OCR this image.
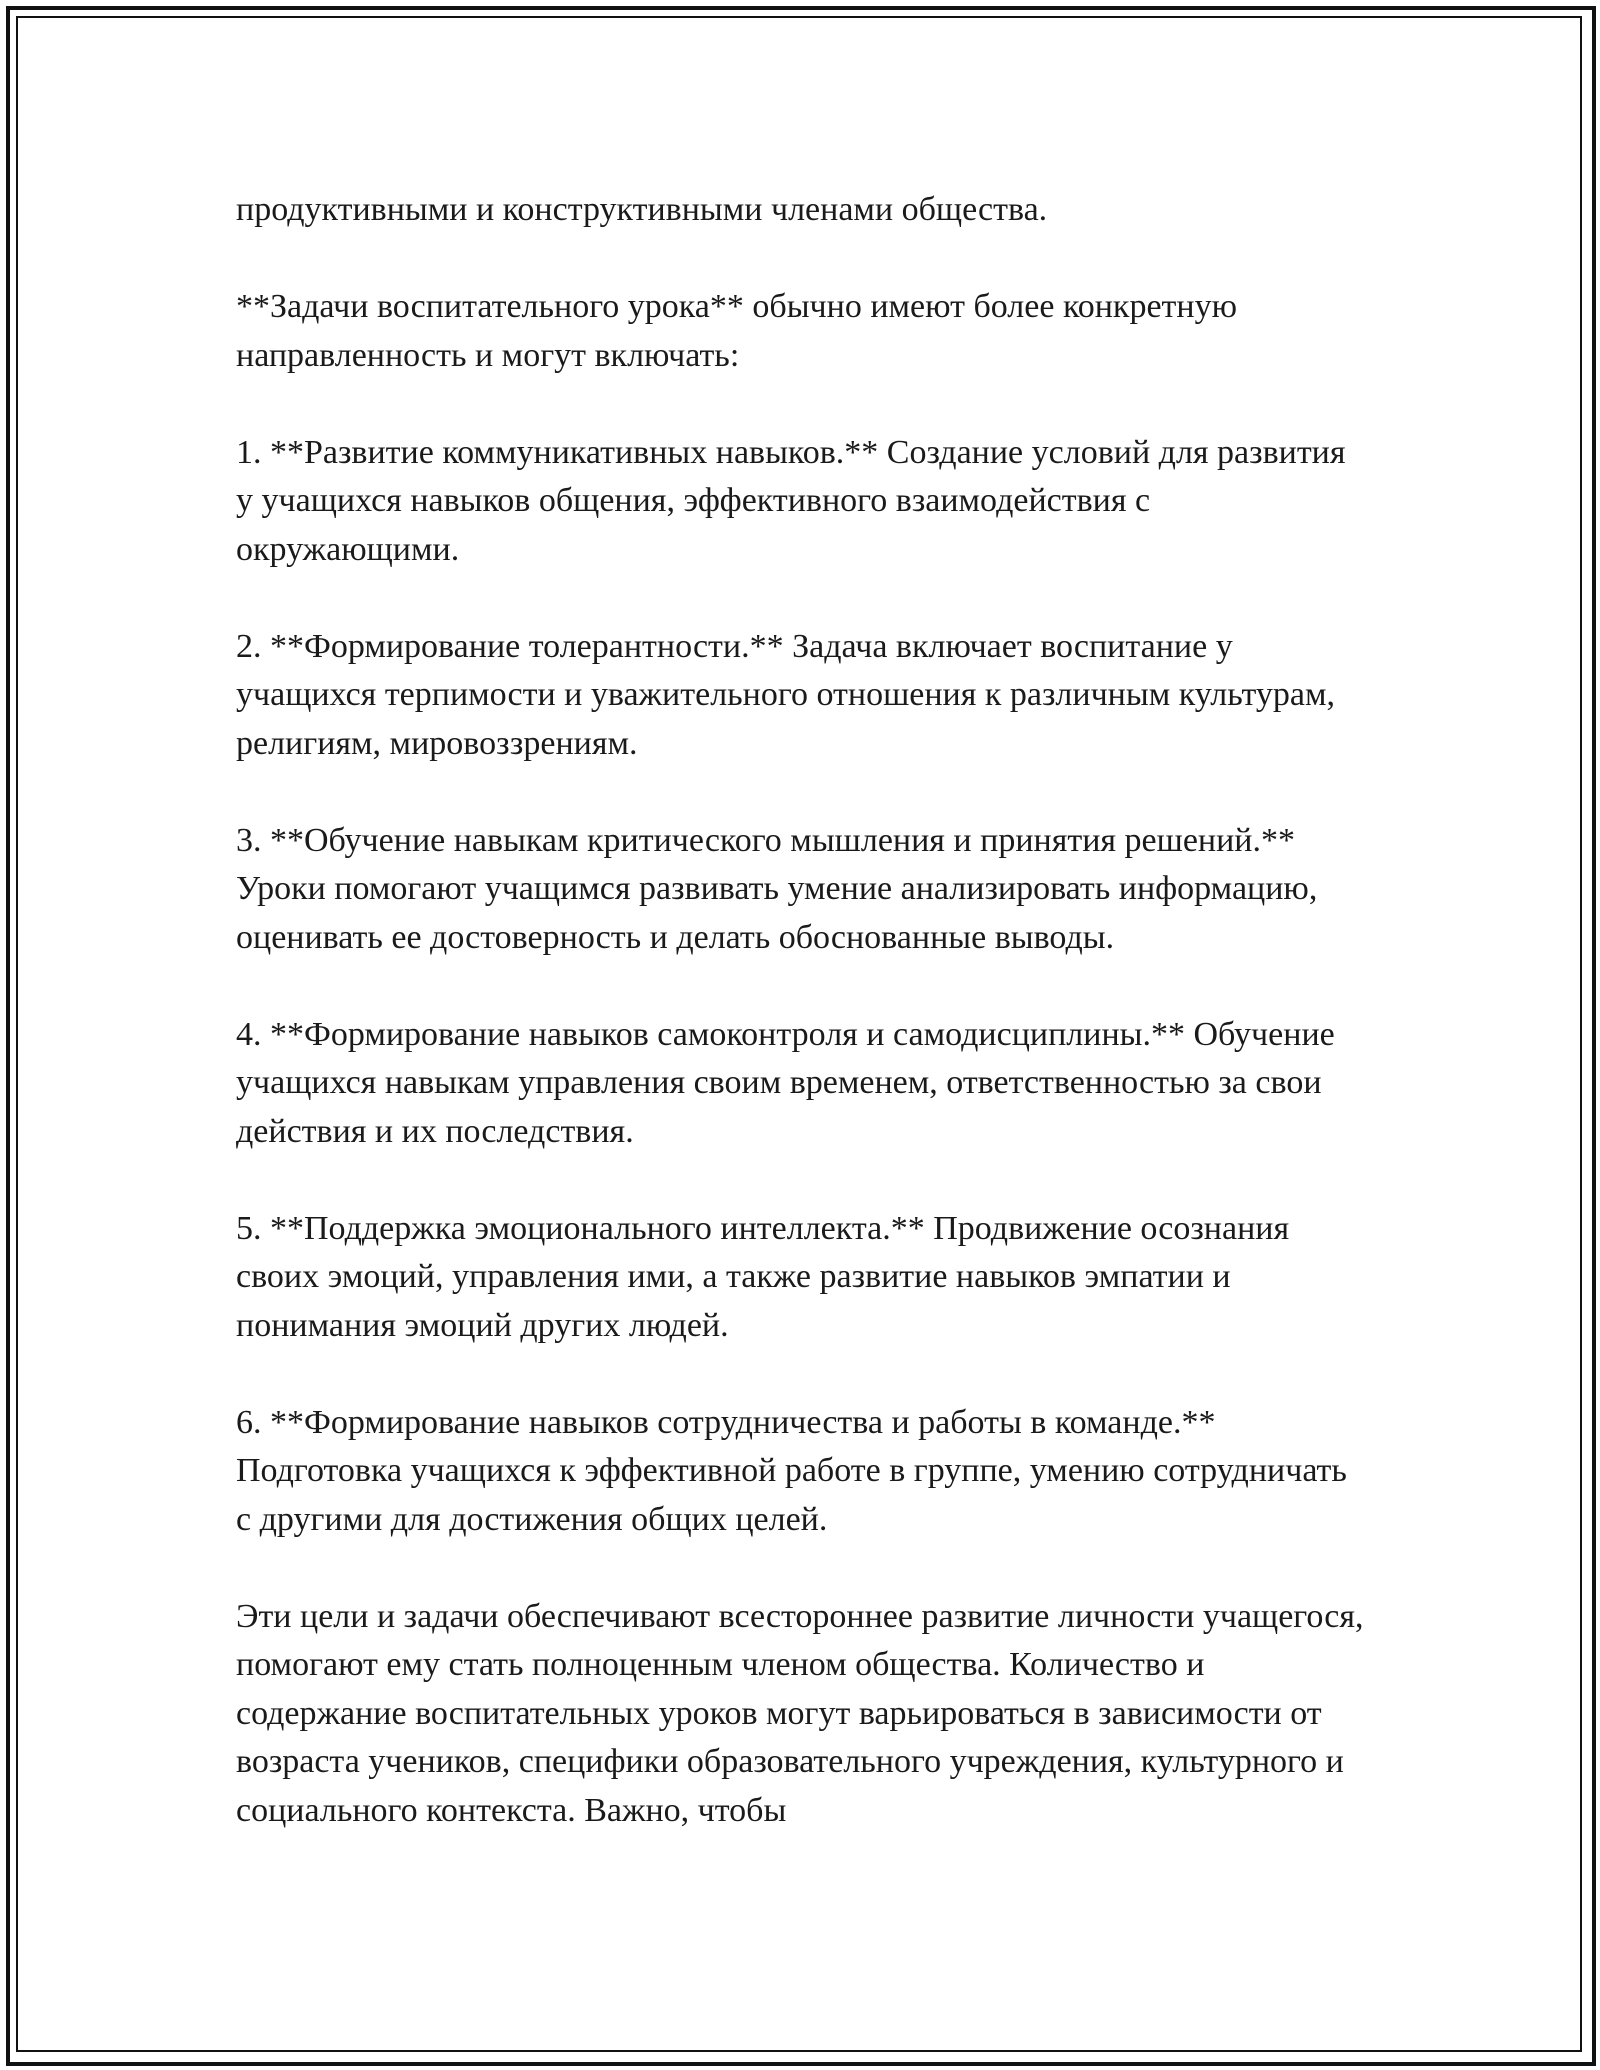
продуктивными и конструктивными членами общества.

**Задачи воспитательного урока** обычно имеют более конкретную направленность и могут включать:

1. **Развитие коммуникативных навыков.** Создание условий для развития у учащихся навыков общения, эффективного взаимодействия с окружающими.

2. **Формирование толерантности.** Задача включает воспитание у учащихся терпимости и уважительного отношения к различным культурам, религиям, мировоззрениям.

3. **Обучение навыкам критического мышления и принятия решений.** Уроки помогают учащимся развивать умение анализировать информацию, оценивать ее достоверность и делать обоснованные выводы.

4. **Формирование навыков самоконтроля и самодисциплины.** Обучение учащихся навыкам управления своим временем, ответственностью за свои действия и их последствия.

5. **Поддержка эмоционального интеллекта.** Продвижение осознания своих эмоций, управления ими, а также развитие навыков эмпатии и понимания эмоций других людей.

6. **Формирование навыков сотрудничества и работы в команде.** Подготовка учащихся к эффективной работе в группе, умению сотрудничать с другими для достижения общих целей.

Эти цели и задачи обеспечивают всестороннее развитие личности учащегося, помогают ему стать полноценным членом общества. Количество и содержание воспитательных уроков могут варьироваться в зависимости от возраста учеников, специфики образовательного учреждения, культурного и социального контекста. Важно, чтобы
